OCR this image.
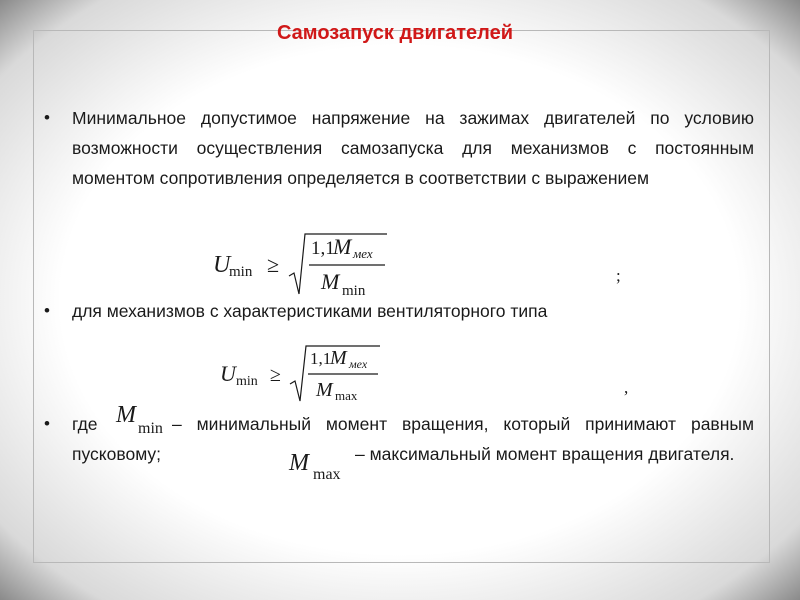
Самозапуск двигателей
• Минимальное допустимое напряжение на зажимах двигателей по условию возможности осуществления самозапуска для механизмов с постоянным моментом сопротивления определяется в соответствии с выражением

U
min ≥
1,1
M мех
M min
;
• для механизмов с характеристиками вентиляторного типа

U min ≥
1,1
M мех
M max	,
• где M
min – минимальный момент вращения, который принимают равным пусковому;	M max

– максимальный момент вращения двигателя.
